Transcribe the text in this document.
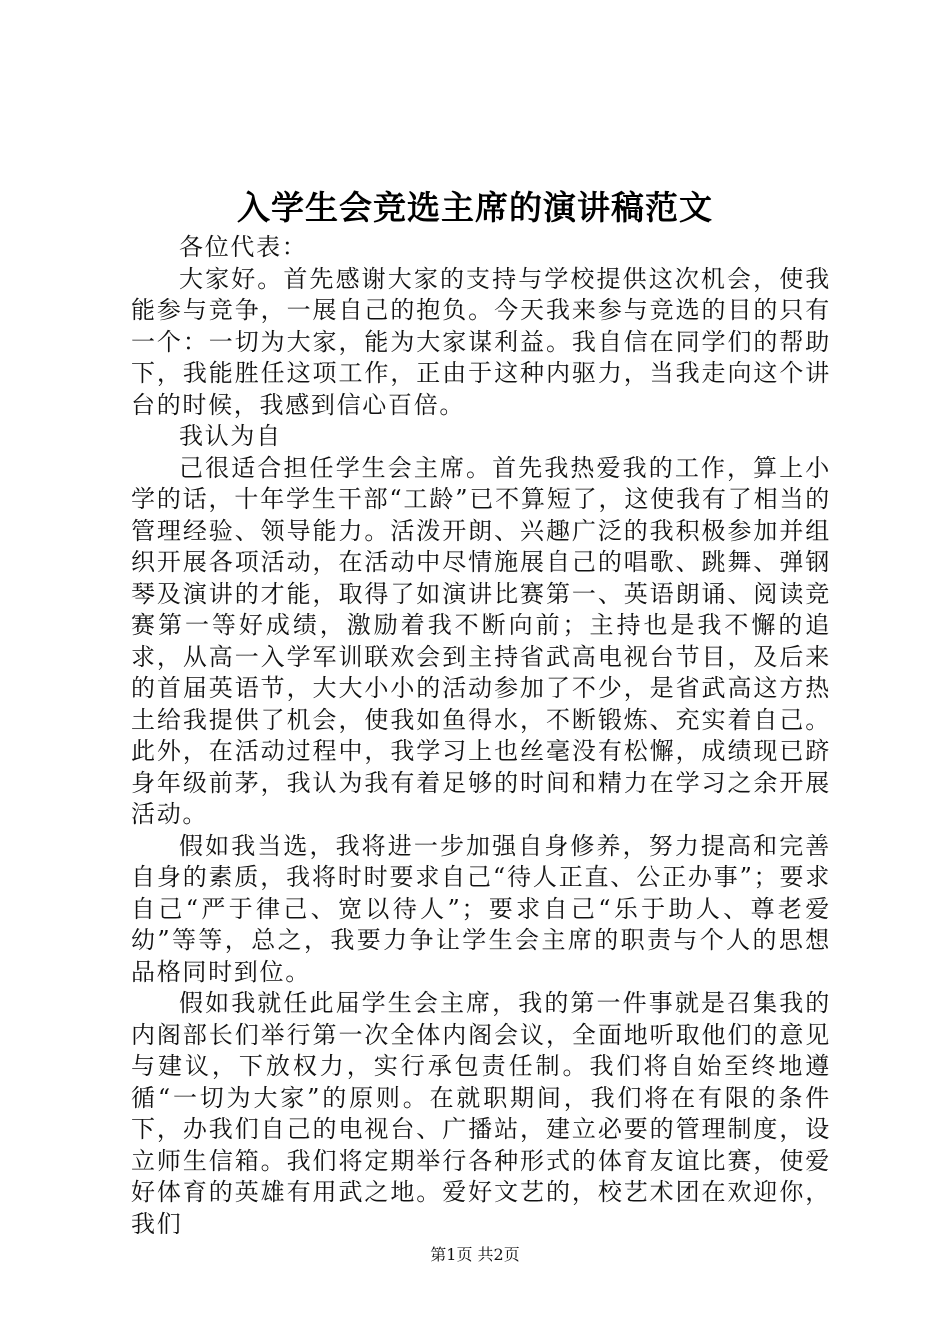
入学生会竞选主席的演讲稿范文

各位代表：

大家好。首先感谢大家的支持与学校提供这次机会，使我能参与竞争，一展自己的抱负。今天我来参与竞选的目的只有一个：一切为大家，能为大家谋利益。我自信在同学们的帮助下，我能胜任这项工作，正由于这种内驱力，当我走向这个讲台的时候，我感到信心百倍。

我认为自

己很适合担任学生会主席。首先我热爱我的工作，算上小学的话，十年学生干部“工龄”已不算短了，这使我有了相当的管理经验、领导能力。活泼开朗、兴趣广泛的我积极参加并组织开展各项活动，在活动中尽情施展自己的唱歌、跳舞、弹钢琴及演讲的才能，取得了如演讲比赛第一、英语朗诵、阅读竞赛第一等好成绩，激励着我不断向前；主持也是我不懈的追求，从高一入学军训联欢会到主持省武高电视台节目，及后来的首届英语节，大大小小的活动参加了不少，是省武高这方热土给我提供了机会，使我如鱼得水，不断锻炼、充实着自己。此外，在活动过程中，我学习上也丝毫没有松懈，成绩现已跻身年级前茅，我认为我有着足够的时间和精力在学习之余开展活动。

假如我当选，我将进一步加强自身修养，努力提高和完善自身的素质，我将时时要求自己“待人正直、公正办事”；要求自己“严于律己、宽以待人”；要求自己“乐于助人、尊老爱幼”等等，总之，我要力争让学生会主席的职责与个人的思想品格同时到位。

假如我就任此届学生会主席，我的第一件事就是召集我的内阁部长们举行第一次全体内阁会议，全面地听取他们的意见与建议，下放权力，实行承包责任制。我们将自始至终地遵循“一切为大家”的原则。在就职期间，我们将在有限的条件下，办我们自己的电视台、广播站，建立必要的管理制度，设立师生信箱。我们将定期举行各种形式的体育友谊比赛，使爱好体育的英雄有用武之地。爱好文艺的，校艺术团在欢迎你，我们

第1页 共2页
